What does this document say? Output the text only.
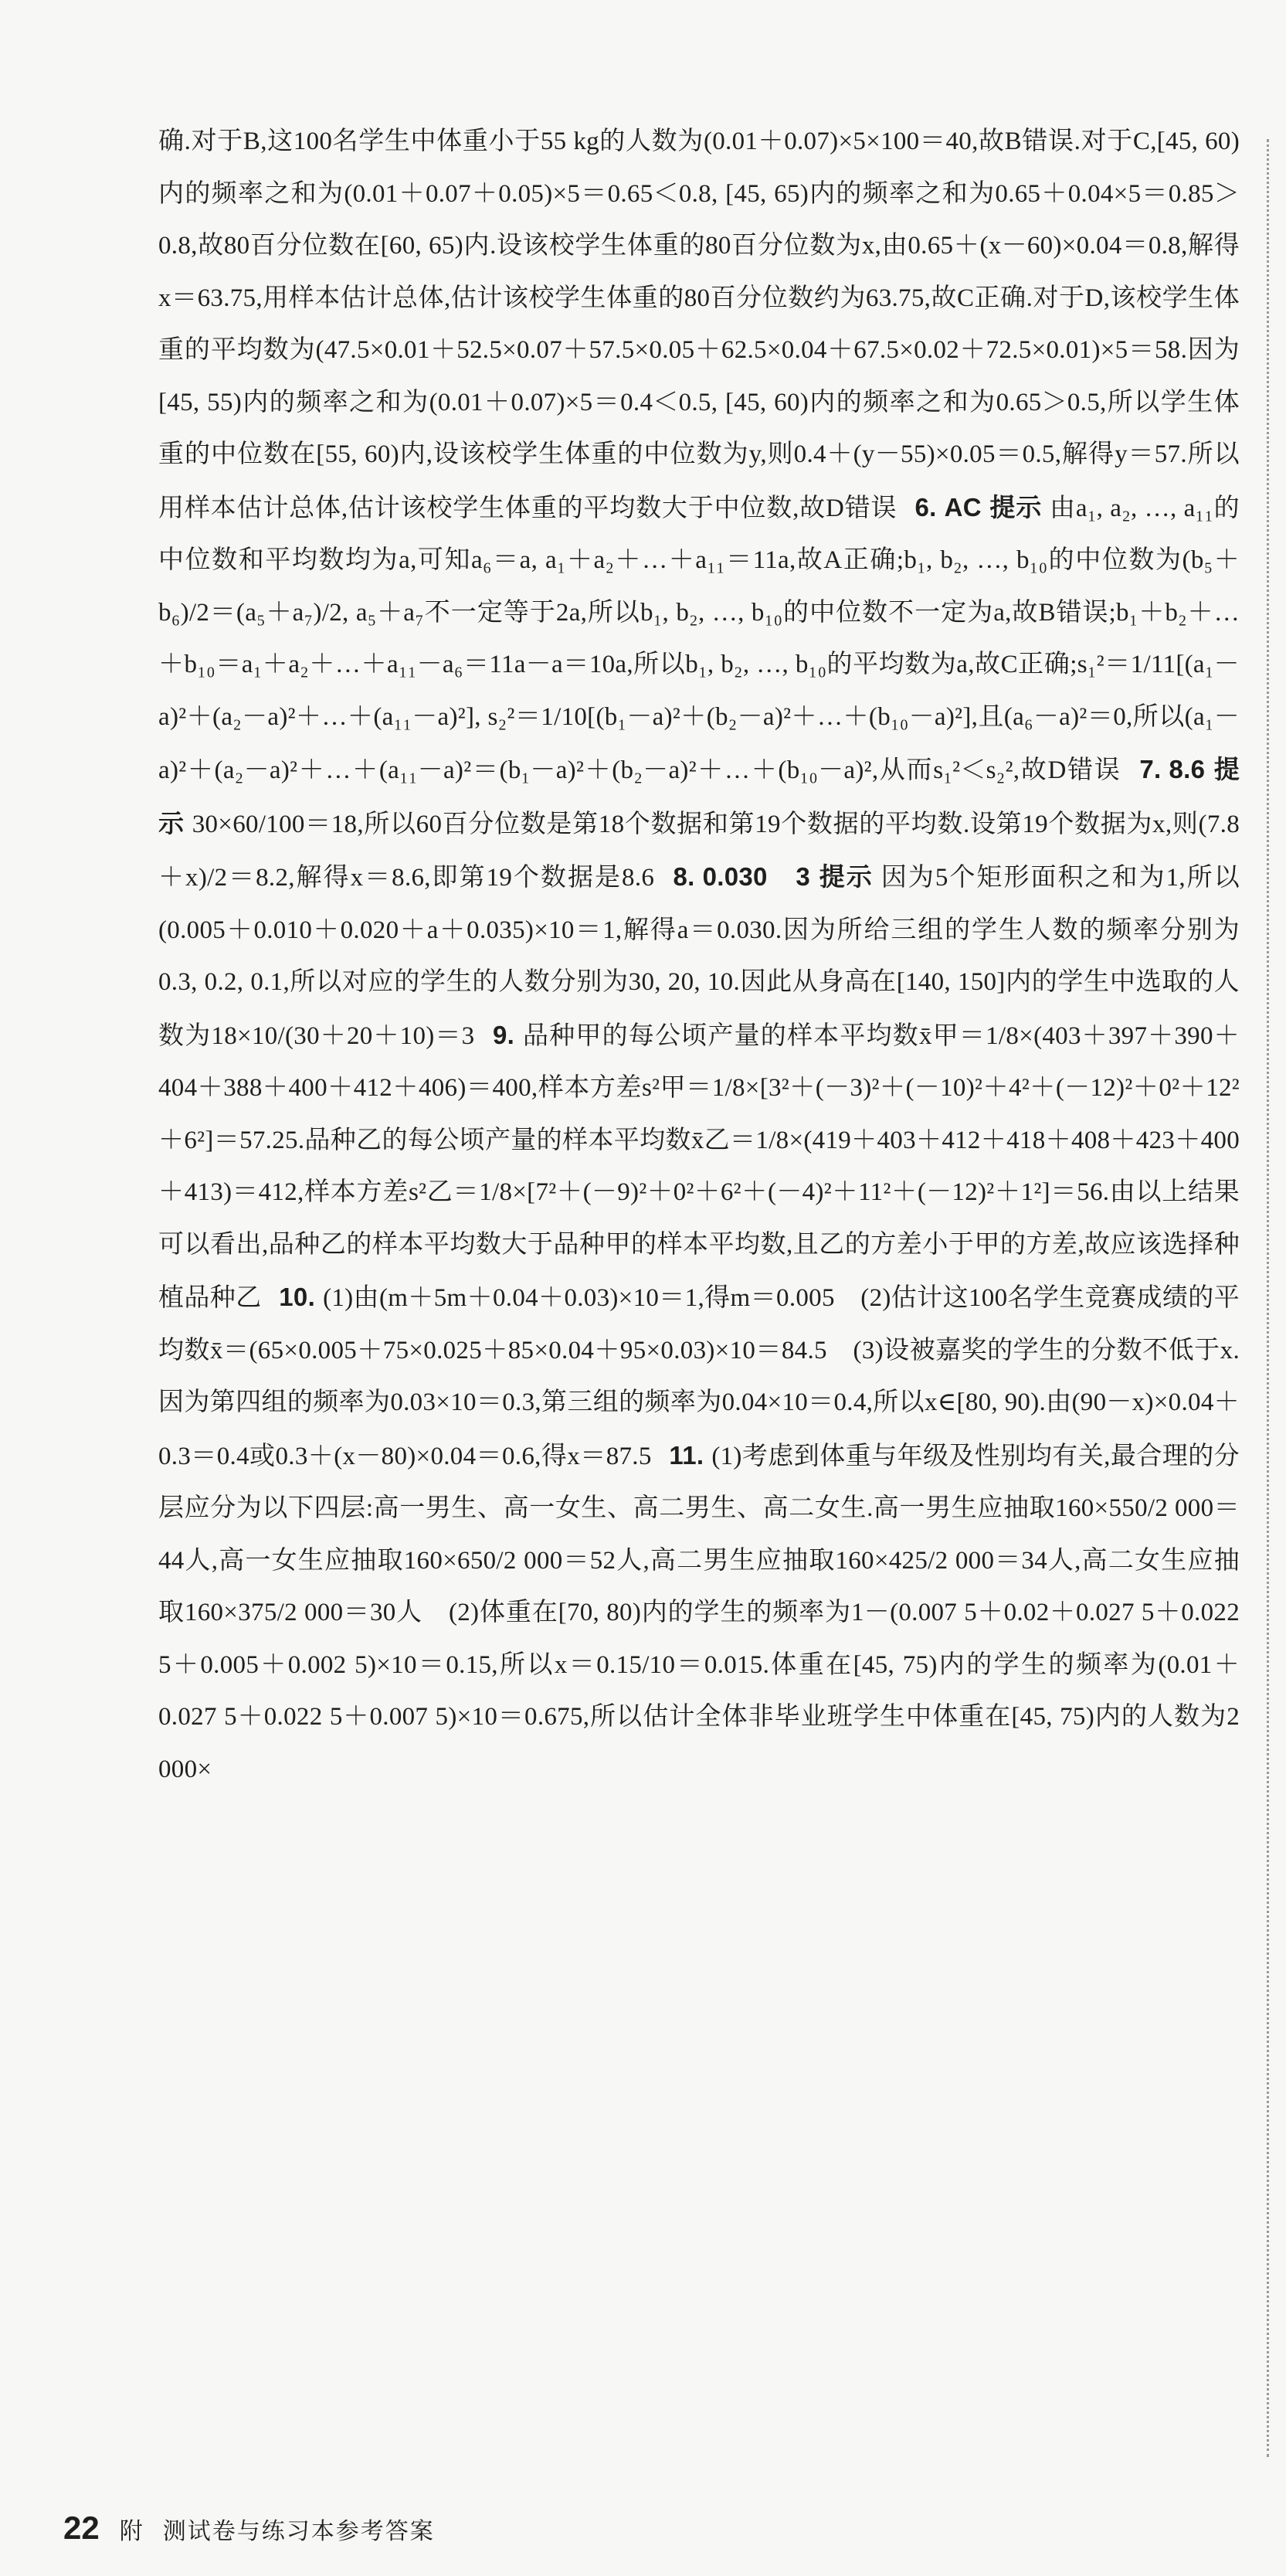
确.对于B,这100名学生中体重小于55 kg的人数为(0.01＋0.07)×5×100＝40,故B错误.对于C,[45, 60)内的频率之和为(0.01＋0.07＋0.05)×5＝0.65＜0.8, [45, 65)内的频率之和为0.65＋0.04×5＝0.85＞0.8,故80百分位数在[60, 65)内.设该校学生体重的80百分位数为x,由0.65＋(x－60)×0.04＝0.8,解得x＝63.75,用样本估计总体,估计该校学生体重的80百分位数约为63.75,故C正确.对于D,该校学生体重的平均数为(47.5×0.01＋52.5×0.07＋57.5×0.05＋62.5×0.04＋67.5×0.02＋72.5×0.01)×5＝58.因为[45, 55)内的频率之和为(0.01＋0.07)×5＝0.4＜0.5, [45, 60)内的频率之和为0.65＞0.5,所以学生体重的中位数在[55, 60)内,设该校学生体重的中位数为y,则0.4＋(y－55)×0.05＝0.5,解得y＝57.所以用样本估计总体,估计该校学生体重的平均数大于中位数,故D错误 6. AC 提示 由a₁, a₂, …, a₁₁的中位数和平均数均为a,可知a₆＝a, a₁＋a₂＋…＋a₁₁＝11a,故A正确;b₁, b₂, …, b₁₀的中位数为(b₅＋b₆)/2＝(a₅＋a₇)/2, a₅＋a₇不一定等于2a,所以b₁, b₂, …, b₁₀的中位数不一定为a,故B错误;b₁＋b₂＋…＋b₁₀＝a₁＋a₂＋…＋a₁₁－a₆＝11a－a＝10a,所以b₁, b₂, …, b₁₀的平均数为a,故C正确;s₁²＝1/11[(a₁－a)²＋(a₂－a)²＋…＋(a₁₁－a)²], s₂²＝1/10[(b₁－a)²＋(b₂－a)²＋…＋(b₁₀－a)²],且(a₆－a)²＝0,所以(a₁－a)²＋(a₂－a)²＋…＋(a₁₁－a)²＝(b₁－a)²＋(b₂－a)²＋…＋(b₁₀－a)²,从而s₁²＜s₂²,故D错误 7. 8.6 提示 30×60/100＝18,所以60百分位数是第18个数据和第19个数据的平均数.设第19个数据为x,则(7.8＋x)/2＝8.2,解得x＝8.6,即第19个数据是8.6 8. 0.030　3 提示 因为5个矩形面积之和为1,所以(0.005＋0.010＋0.020＋a＋0.035)×10＝1,解得a＝0.030.因为所给三组的学生人数的频率分别为0.3, 0.2, 0.1,所以对应的学生的人数分别为30, 20, 10.因此从身高在[140, 150]内的学生中选取的人数为18×10/(30＋20＋10)＝3 9. 品种甲的每公顷产量的样本平均数x̄甲＝1/8×(403＋397＋390＋404＋388＋400＋412＋406)＝400,样本方差s²甲＝1/8×[3²＋(－3)²＋(－10)²＋4²＋(－12)²＋0²＋12²＋6²]＝57.25.品种乙的每公顷产量的样本平均数x̄乙＝1/8×(419＋403＋412＋418＋408＋423＋400＋413)＝412,样本方差s²乙＝1/8×[7²＋(－9)²＋0²＋6²＋(－4)²＋11²＋(－12)²＋1²]＝56.由以上结果可以看出,品种乙的样本平均数大于品种甲的样本平均数,且乙的方差小于甲的方差,故应该选择种植品种乙 10. (1)由(m＋5m＋0.04＋0.03)×10＝1,得m＝0.005　(2)估计这100名学生竞赛成绩的平均数x̄＝(65×0.005＋75×0.025＋85×0.04＋95×0.03)×10＝84.5　(3)设被嘉奖的学生的分数不低于x.因为第四组的频率为0.03×10＝0.3,第三组的频率为0.04×10＝0.4,所以x∈[80, 90).由(90－x)×0.04＋0.3＝0.4或0.3＋(x－80)×0.04＝0.6,得x＝87.5 11. (1)考虑到体重与年级及性别均有关,最合理的分层应分为以下四层:高一男生、高一女生、高二男生、高二女生.高一男生应抽取160×550/2 000＝44人,高一女生应抽取160×650/2 000＝52人,高二男生应抽取160×425/2 000＝34人,高二女生应抽取160×375/2 000＝30人　(2)体重在[70, 80)内的学生的频率为1－(0.007 5＋0.02＋0.027 5＋0.022 5＋0.005＋0.002 5)×10＝0.15,所以x＝0.15/10＝0.015.体重在[45, 75)内的学生的频率为(0.01＋0.027 5＋0.022 5＋0.007 5)×10＝0.675,所以估计全体非毕业班学生中体重在[45, 75)内的人数为2 000×

22 附 测试卷与练习本参考答案
